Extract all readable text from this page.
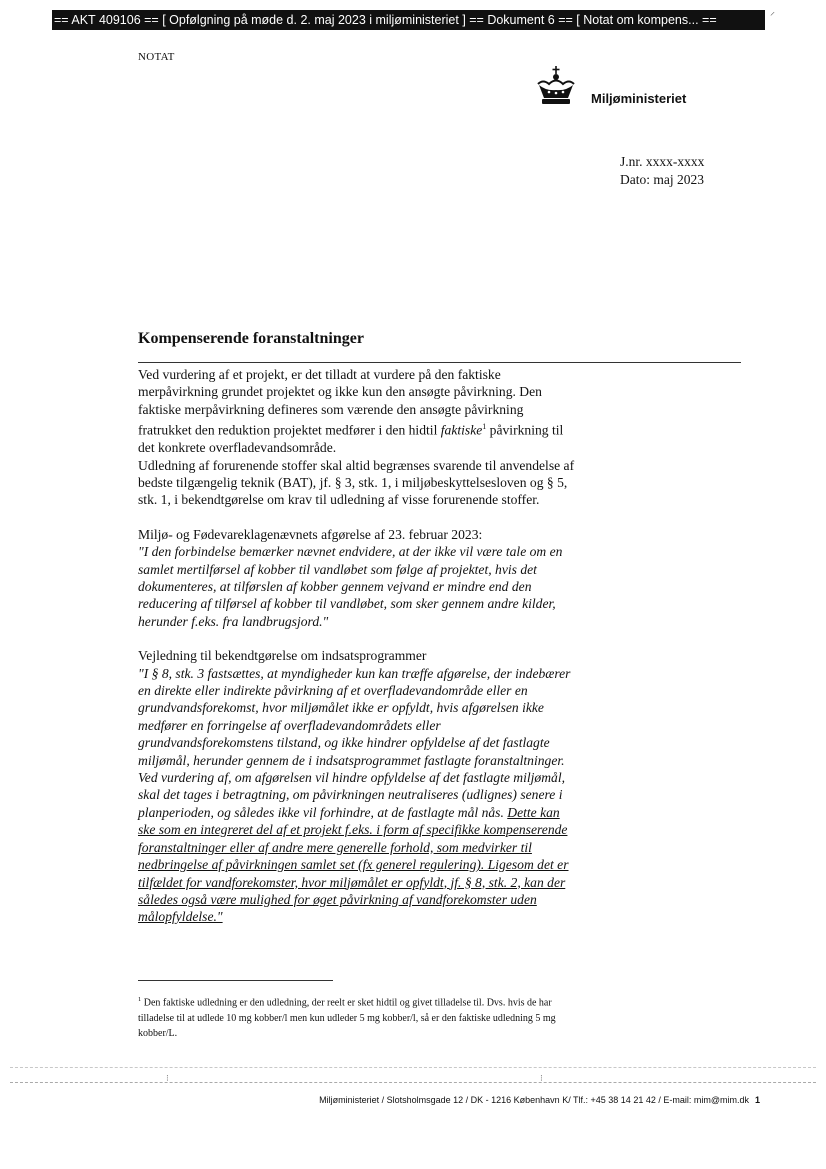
== AKT 409106 == [ Opfølgning på møde d. 2. maj 2023 i miljøministeriet ] == Dokument 6 == [ Notat om kompens... ==	⸍
NOTAT
Miljøministeriet
J.nr. xxxx-xxxx
Dato: maj 2023
Kompenserende foranstaltninger

Ved vurdering af et projekt, er det tilladt at vurdere på den faktiske merpåvirkning grundet projektet og ikke kun den ansøgte påvirkning. Den faktiske merpåvirkning defineres som værende den ansøgte påvirkning fratrukket den reduktion projektet medfører i den hidtil faktiske$^1$ påvirkning til det konkrete overfladevandsområde.

Udledning af forurenende stoffer skal altid begrænses svarende til anvendelse af bedste tilgængelig teknik (BAT), jf. § 3, stk. 1, i miljøbeskyttelsesloven og § 5, stk. 1, i bekendtgørelse om krav til udledning af visse forurenende stoffer.

Miljø- og Fødevareklagenævnets afgørelse af 23. februar 2023:

"I den forbindelse bemærker nævnet endvidere, at der ikke vil være tale om en samlet mertilførsel af kobber til vandløbet som følge af projektet, hvis det dokumenteres, at tilførslen af kobber gennem vejvand er mindre end den reducering af tilførsel af kobber til vandløbet, som sker gennem andre kilder, herunder f.eks. fra landbrugsjord."

Vejledning til bekendtgørelse om indsatsprogrammer

"I § 8, stk. 3 fastsættes, at myndigheder kun kan træffe afgørelse, der indebærer en direkte eller indirekte påvirkning af et overfladevandområde eller en grundvandsforekomst, hvor miljømålet ikke er opfyldt, hvis afgørelsen ikke medfører en forringelse af overfladevandområdets eller grundvandsforekomstens tilstand, og ikke hindrer opfyldelse af det fastlagte miljømål, herunder gennem de i indsatsprogrammet fastlagte foranstaltninger. Ved vurdering af, om afgørelsen vil hindre opfyldelse af det fastlagte miljømål, skal det tages i betragtning, om påvirkningen neutraliseres (udlignes) senere i planperioden, og således ikke vil forhindre, at de fastlagte mål nås. Dette kan ske som en integreret del af et projekt f.eks. i form af specifikke kompenserende foranstaltninger eller af andre mere generelle forhold, som medvirker til nedbringelse af påvirkningen samlet set (fx generel regulering). Ligesom det er tilfældet for vandforekomster, hvor miljømålet er opfyldt, jf. § 8, stk. 2, kan der således også være mulighed for øget påvirkning af vandforekomster uden målopfyldelse."

$^1$ Den faktiske udledning er den udledning, der reelt er sket hidtil og givet tilladelse til. Dvs. hvis de har tilladelse til at udlede 10 mg kobber/l men kun udleder 5 mg kobber/l, så er den faktiske udledning 5 mg kobber/L.
⁝	⁝
Miljøministeriet / Slotsholmsgade 12 / DK - 1216 København K/ Tlf.: +45 38 14 21 42 / E-mail: mim@mim.dk 1
